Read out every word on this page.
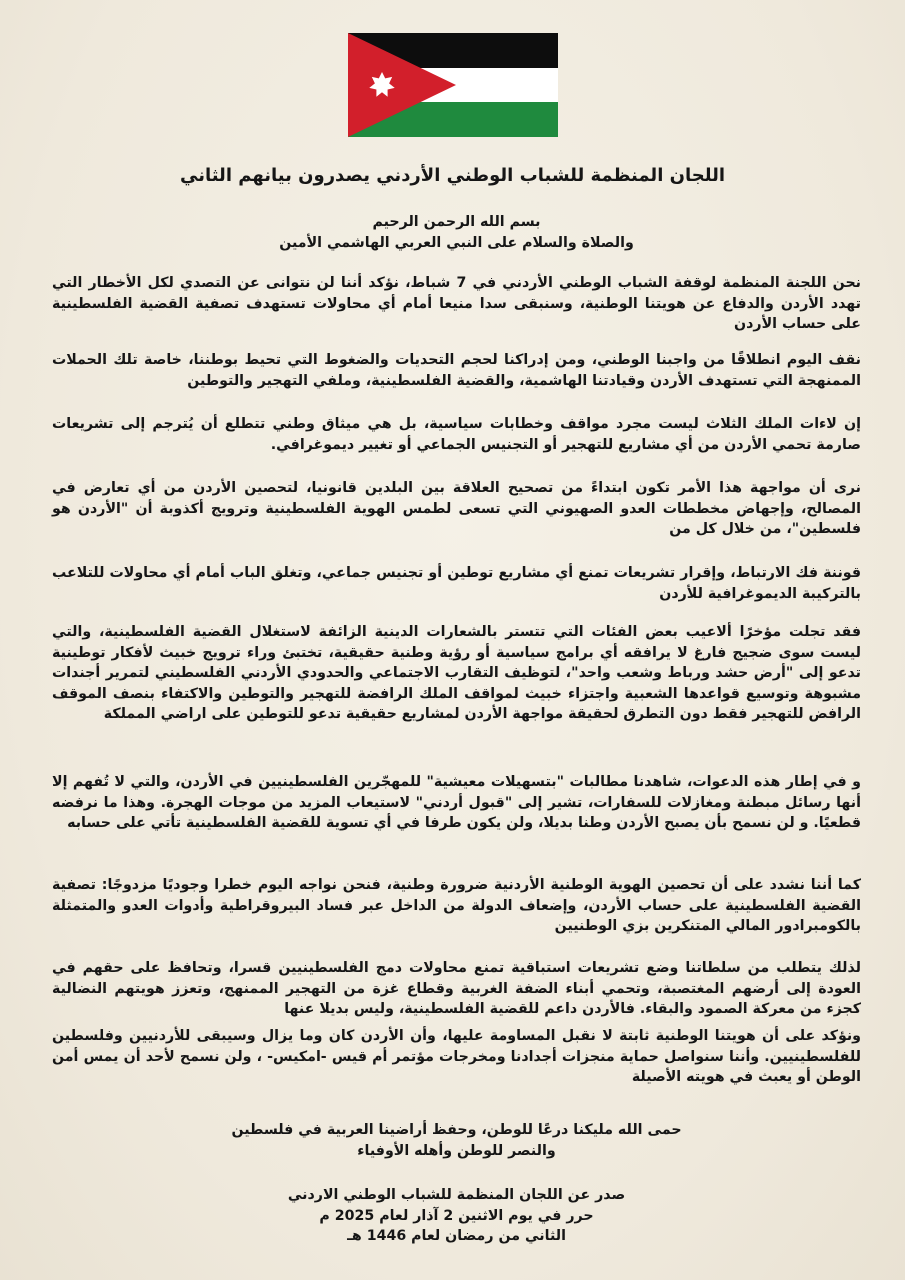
اللجان المنظمة للشباب الوطني الأردني يصدرون بيانهم الثاني

بسم الله الرحمن الرحيم
والصلاة والسلام على النبي العربي الهاشمي الأمين

نحن اللجنة المنظمة لوقفة الشباب الوطني الأردني في 7 شباط، نؤكد أننا لن نتوانى عن التصدي لكل الأخطار التي تهدد الأردن والدفاع عن هويتنا الوطنية، وسنبقى سدا منيعا أمام أي محاولات تستهدف تصفية القضية الفلسطينية على حساب الأردن

نقف اليوم انطلاقًا من واجبنا الوطني، ومن إدراكنا لحجم التحديات والضغوط التي تحيط بوطننا، خاصة تلك الحملات الممنهجة التي تستهدف الأردن وقيادتنا الهاشمية، والقضية الفلسطينية، وملفي التهجير والتوطين

إن لاءات الملك الثلاث ليست مجرد مواقف وخطابات سياسية، بل هي ميثاق وطني تتطلع أن يُترجم إلى تشريعات صارمة تحمي الأردن من أي مشاريع للتهجير أو التجنيس الجماعي أو تغيير ديموغرافي.

نرى أن مواجهة هذا الأمر تكون ابتداءً من تصحيح العلاقة بين البلدين قانونيا، لتحصين الأردن من أي تعارض في المصالح، وإجهاض مخططات العدو الصهيوني التي تسعى لطمس الهوية الفلسطينية وترويج أكذوبة أن "الأردن هو فلسطين"، من خلال كل من

قوننة فك الارتباط، وإقرار تشريعات تمنع أي مشاريع توطين أو تجنيس جماعي، وتغلق الباب أمام أي محاولات للتلاعب بالتركيبة الديموغرافية للأردن

فقد تجلت مؤخرًا ألاعيب بعض الفئات التي تتستر بالشعارات الدينية الزائفة لاستغلال القضية الفلسطينية، والتي ليست سوى ضجيج فارغ لا يرافقه أي برامج سياسية أو رؤية وطنية حقيقية، تختبئ وراء ترويج خبيث لأفكار توطينية تدعو إلى "أرض حشد ورباط وشعب واحد"، لتوظيف التقارب الاجتماعي والحدودي الأردني الفلسطيني لتمرير أجندات مشبوهة وتوسيع قواعدها الشعبية واجتزاء خبيث لمواقف الملك الرافضة للتهجير والتوطين والاكتفاء بنصف الموقف الرافض للتهجير فقط دون التطرق لحقيقة مواجهة الأردن لمشاريع حقيقية تدعو للتوطين على اراضي المملكة

و في إطار هذه الدعوات، شاهدنا مطالبات "بتسهيلات معيشية" للمهجّرين الفلسطينيين في الأردن، والتي لا تُفهم إلا أنها رسائل مبطنة ومغازلات للسفارات، تشير إلى "قبول أردني" لاستيعاب المزيد من موجات الهجرة. وهذا ما نرفضه قطعيًا. و لن نسمح بأن يصبح الأردن وطنا بديلا، ولن يكون طرفا في أي تسوية للقضية الفلسطينية تأتي على حسابه

كما أننا نشدد على أن تحصين الهوية الوطنية الأردنية ضرورة وطنية، فنحن نواجه اليوم خطرا وجوديًا مزدوجًا: تصفية القضية الفلسطينية على حساب الأردن، وإضعاف الدولة من الداخل عبر فساد البيروقراطية وأدوات العدو والمتمثلة بالكومبرادور المالي المتنكرين بزي الوطنيين

لذلك يتطلب من سلطاتنا وضع تشريعات استباقية تمنع محاولات دمج الفلسطينيين قسرا، وتحافظ على حقهم في العودة إلى أرضهم المغتصبة، وتحمي أبناء الضفة الغربية وقطاع غزة من التهجير الممنهج، وتعزز هويتهم النضالية كجزء من معركة الصمود والبقاء. فالأردن داعم للقضية الفلسطينية، وليس بديلا عنها

ونؤكد على أن هويتنا الوطنية ثابتة لا نقبل المساومة عليها، وأن الأردن كان وما يزال وسيبقى للأردنيين وفلسطين للفلسطينيين. وأننا سنواصل حماية منجزات أجدادنا ومخرجات مؤتمر أم قيس -امكيس- ، ولن نسمح لأحد أن يمس أمن الوطن أو يعبث في هويته الأصيلة

حمى الله مليكنا درعًا للوطن، وحفظ أراضينا العربية في فلسطين
والنصر للوطن وأهله الأوفياء

صدر عن اللجان المنظمة للشباب الوطني الاردني
حرر في يوم الاثنين 2 آذار لعام 2025 م
الثاني من رمضان لعام 1446 هـ
